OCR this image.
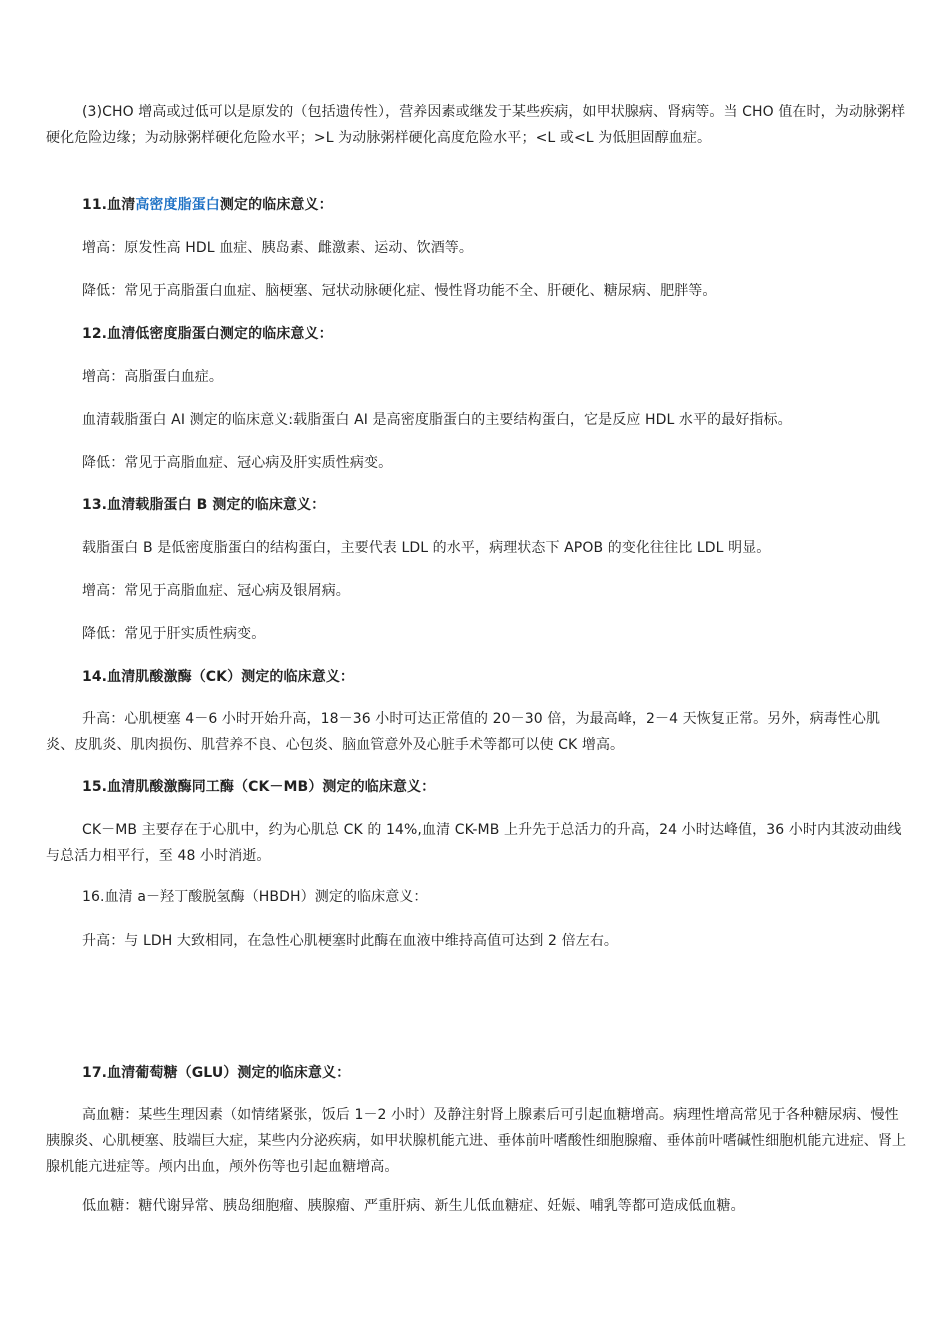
(3)CHO 增高或过低可以是原发的（包括遗传性），营养因素或继发于某些疾病，如甲状腺病、肾病等。当 CHO 值在时，为动脉粥样硬化危险边缘；为动脉粥样硬化危险水平；>L 为动脉粥样硬化高度危险水平；<L 或<L 为低胆固醇血症。

11.血清高密度脂蛋白测定的临床意义：

增高：原发性高 HDL 血症、胰岛素、雌激素、运动、饮酒等。

降低：常见于高脂蛋白血症、脑梗塞、冠状动脉硬化症、慢性肾功能不全、肝硬化、糖尿病、肥胖等。

12.血清低密度脂蛋白测定的临床意义：

增高：高脂蛋白血症。

血清载脂蛋白 AI 测定的临床意义:载脂蛋白 AI 是高密度脂蛋白的主要结构蛋白，它是反应 HDL 水平的最好指标。

降低：常见于高脂血症、冠心病及肝实质性病变。

13.血清载脂蛋白 B 测定的临床意义：

载脂蛋白 B 是低密度脂蛋白的结构蛋白，主要代表 LDL 的水平，病理状态下 APOB 的变化往往比 LDL 明显。

增高：常见于高脂血症、冠心病及银屑病。

降低：常见于肝实质性病变。

14.血清肌酸激酶（CK）测定的临床意义：

升高：心肌梗塞 4－6 小时开始升高，18－36 小时可达正常值的 20－30 倍，为最高峰，2－4 天恢复正常。另外，病毒性心肌炎、皮肌炎、肌肉损伤、肌营养不良、心包炎、脑血管意外及心脏手术等都可以使 CK 增高。

15.血清肌酸激酶同工酶（CK－MB）测定的临床意义：

CK－MB 主要存在于心肌中，约为心肌总 CK 的 14%,血清 CK-MB 上升先于总活力的升高，24 小时达峰值，36 小时内其波动曲线与总活力相平行，至 48 小时消逝。

16.血清 a－羟丁酸脱氢酶（HBDH）测定的临床意义：

升高：与 LDH 大致相同，在急性心肌梗塞时此酶在血液中维持高值可达到 2 倍左右。

17.血清葡萄糖（GLU）测定的临床意义：

高血糖：某些生理因素（如情绪紧张，饭后 1－2 小时）及静注射肾上腺素后可引起血糖增高。病理性增高常见于各种糖尿病、慢性胰腺炎、心肌梗塞、肢端巨大症，某些内分泌疾病，如甲状腺机能亢进、垂体前叶嗜酸性细胞腺瘤、垂体前叶嗜碱性细胞机能亢进症、肾上腺机能亢进症等。颅内出血，颅外伤等也引起血糖增高。

低血糖：糖代谢异常、胰岛细胞瘤、胰腺瘤、严重肝病、新生儿低血糖症、妊娠、哺乳等都可造成低血糖。
